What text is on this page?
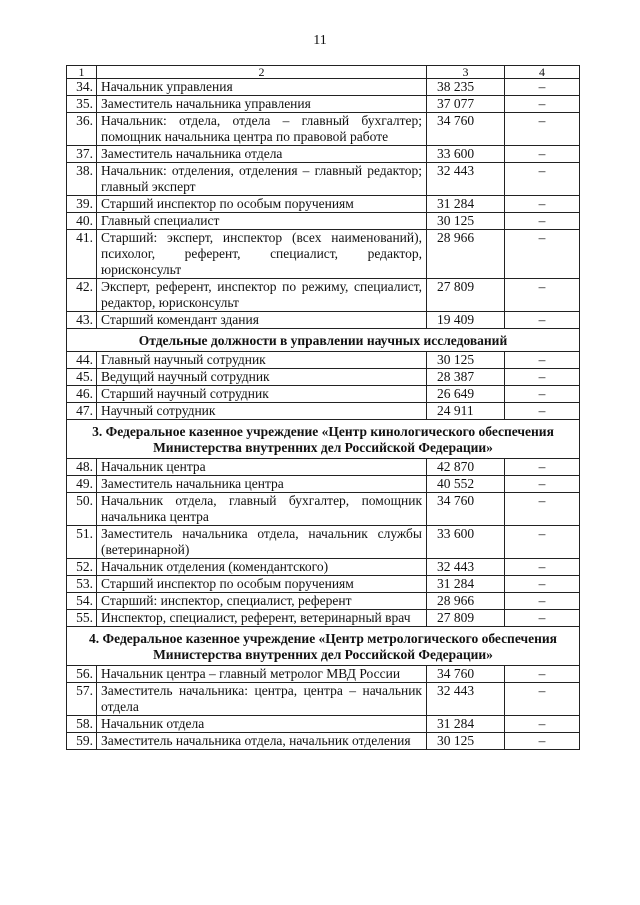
11
1	2	3	4
34.	Начальник управления	38 235	–
35.	Заместитель начальника управления	37 077	–
36.	Начальник: отдела, отдела – главный бухгалтер; помощник начальника центра по правовой работе	34 760	–
37.	Заместитель начальника отдела	33 600	–
38.	Начальник: отделения, отделения – главный редактор; главный эксперт	32 443	–
39.	Старший инспектор по особым поручениям	31 284	–
40.	Главный специалист	30 125	–
41.	Старший: эксперт, инспектор (всех наименований), психолог, референт, специалист, редактор, юрисконсульт	28 966	–
42.	Эксперт, референт, инспектор по режиму, специалист, редактор, юрисконсульт	27 809	–
43.	Старший комендант здания	19 409	–
Отдельные должности в управлении научных исследований			
44.	Главный научный сотрудник	30 125	–
45.	Ведущий научный сотрудник	28 387	–
46.	Старший научный сотрудник	26 649	–
47.	Научный сотрудник	24 911	–
3. Федеральное казенное учреждение «Центр кинологического обеспечения Министерства внутренних дел Российской Федерации»			
48.	Начальник центра	42 870	–
49.	Заместитель начальника центра	40 552	–
50.	Начальник отдела, главный бухгалтер, помощник начальника центра	34 760	–
51.	Заместитель начальника отдела, начальник службы (ветеринарной)	33 600	–
52.	Начальник отделения (комендантского)	32 443	–
53.	Старший инспектор по особым поручениям	31 284	–
54.	Старший: инспектор, специалист, референт	28 966	–
55.	Инспектор, специалист, референт, ветеринарный врач	27 809	–
4. Федеральное казенное учреждение «Центр метрологического обеспечения Министерства внутренних дел Российской Федерации»			
56.	Начальник центра – главный метролог МВД России	34 760	–
57.	Заместитель начальника: центра, центра – начальник отдела	32 443	–
58.	Начальник отдела	31 284	–
59.	Заместитель начальника отдела, начальник отделения	30 125	–
